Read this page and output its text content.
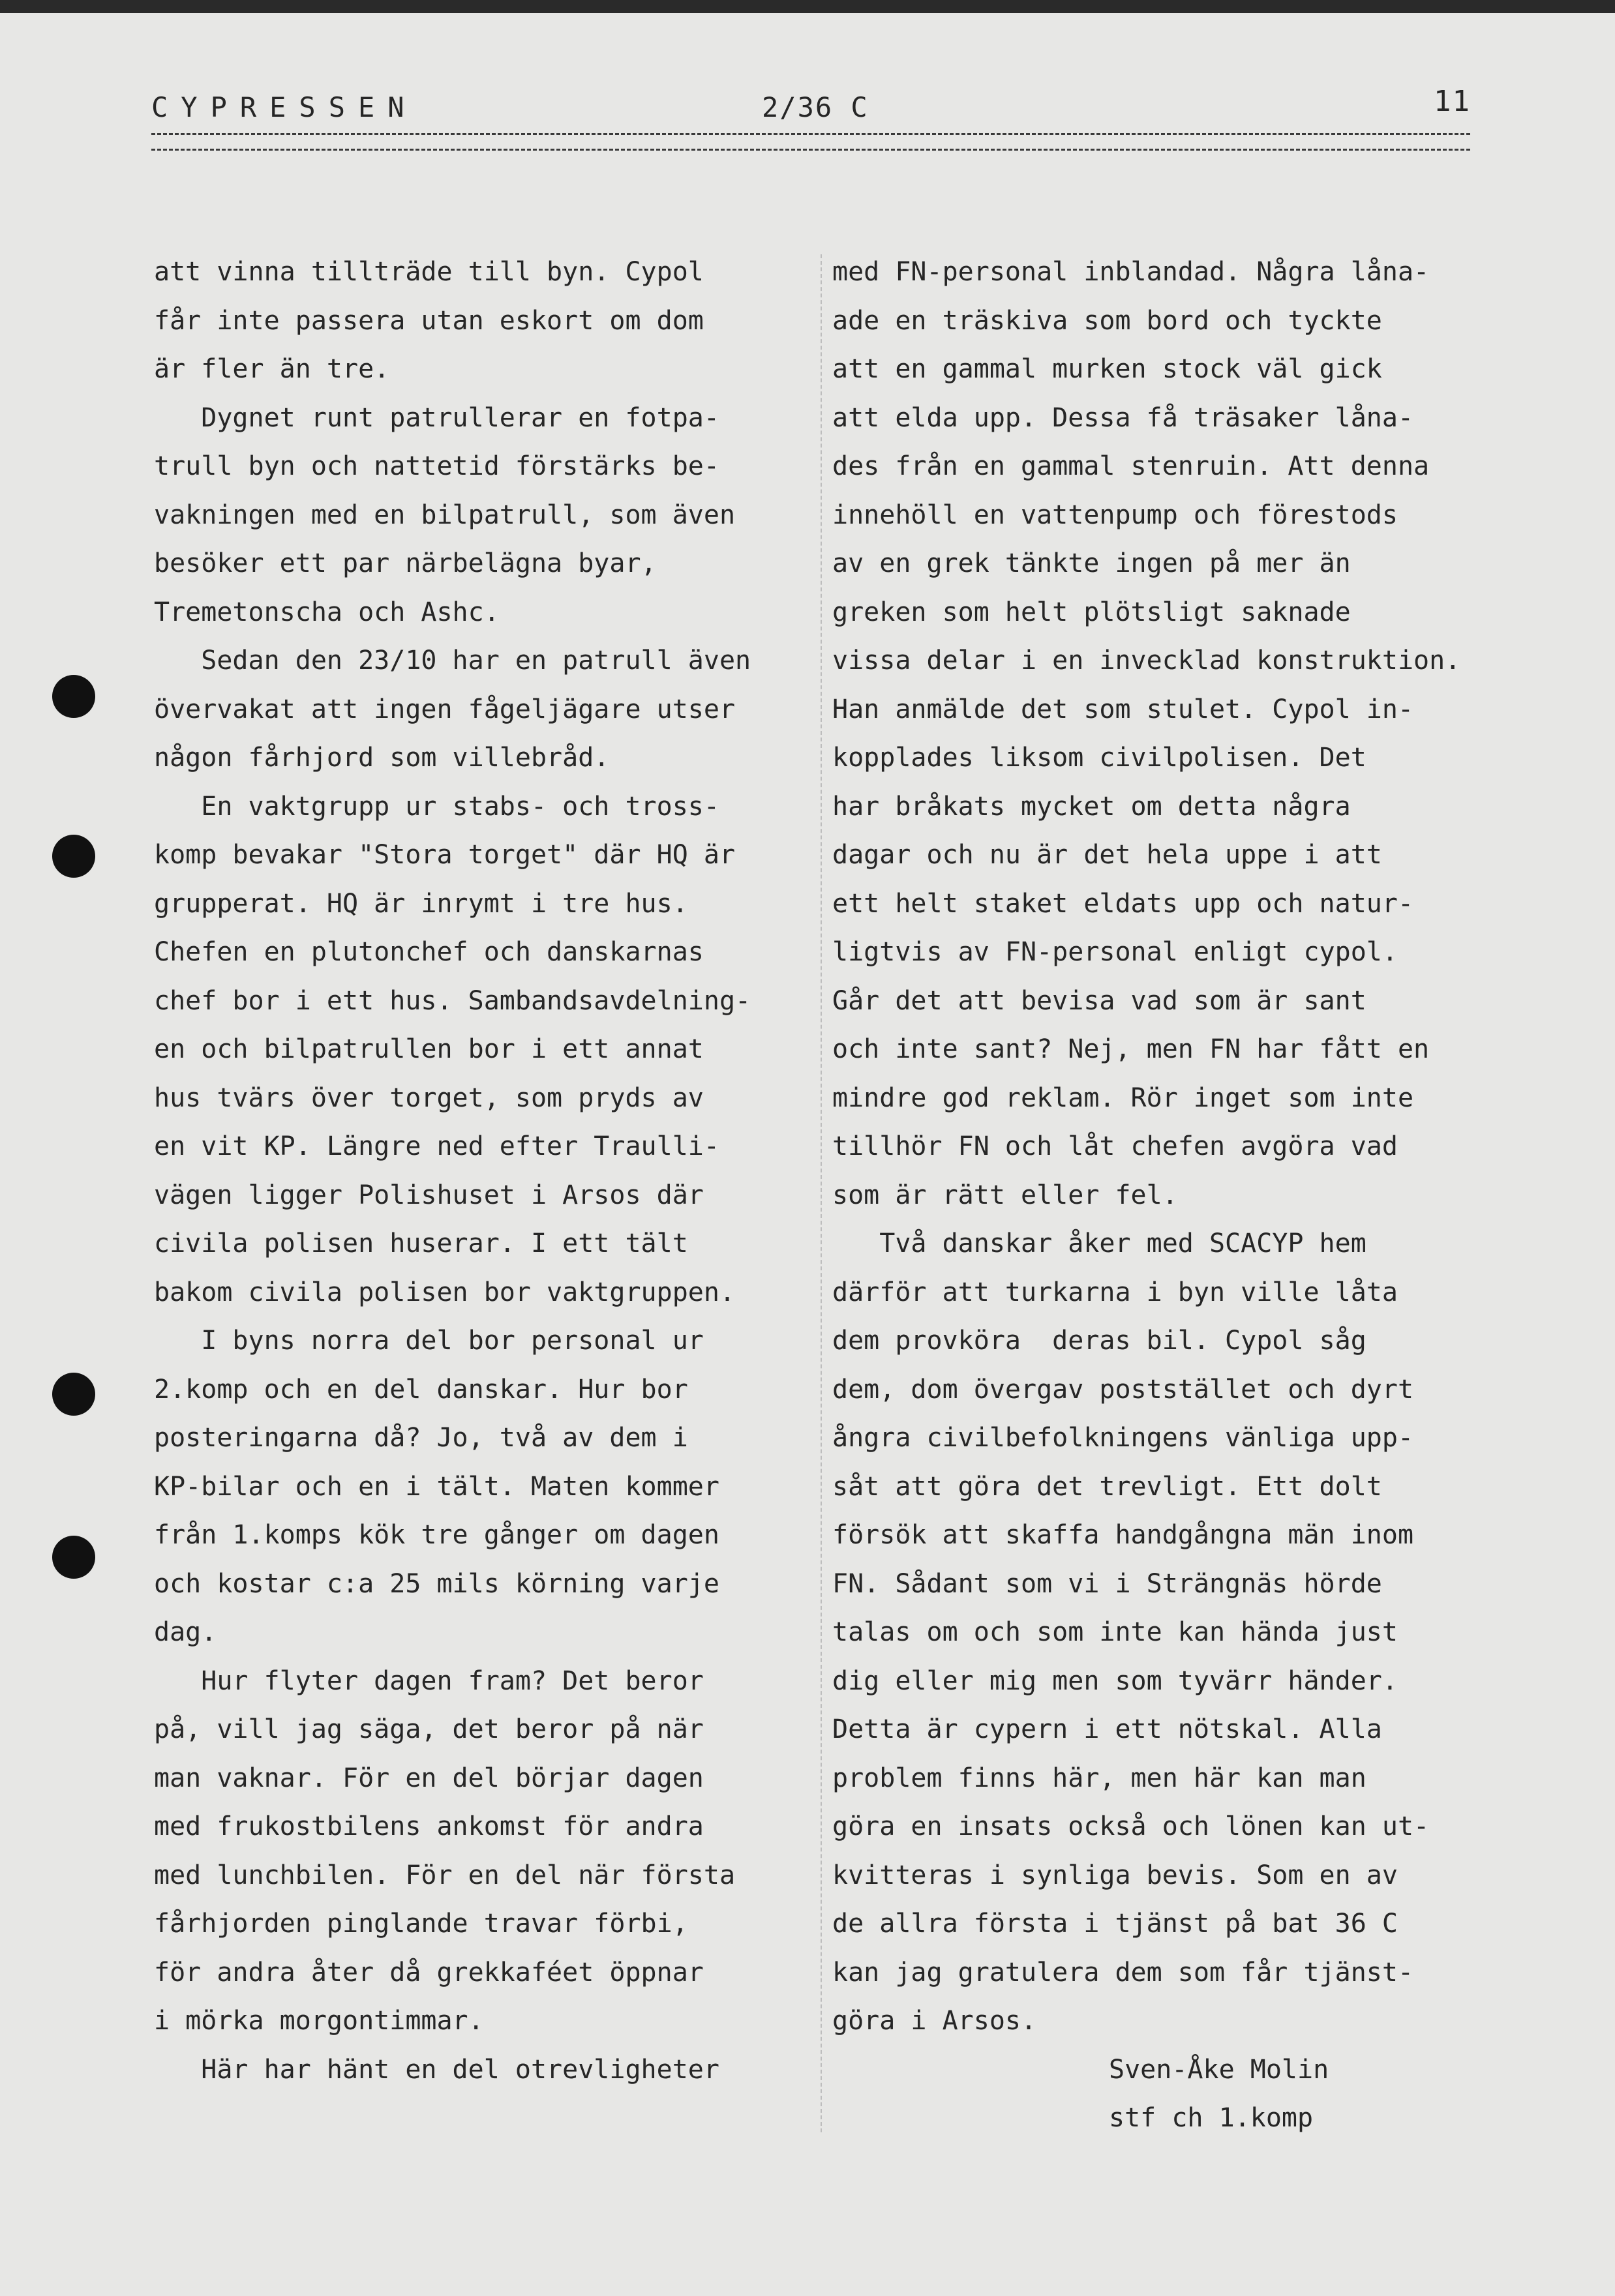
CYPRESSEN	2/36 C	11
att vinna tillträde till byn. Cypol
får inte passera utan eskort om dom
är fler än tre.
Dygnet runt patrullerar en fotpa-
trull byn och nattetid förstärks be-
vakningen med en bilpatrull, som även
besöker ett par närbelägna byar,
Tremetonscha och Ashc.
Sedan den 23/10 har en patrull även
övervakat att ingen fågeljägare utser
någon fårhjord som villebråd.
En vaktgrupp ur stabs- och tross-
komp bevakar "Stora torget" där HQ är
grupperat. HQ är inrymt i tre hus.
Chefen en plutonchef och danskarnas
chef bor i ett hus. Sambandsavdelning-
en och bilpatrullen bor i ett annat
hus tvärs över torget, som pryds av
en vit KP. Längre ned efter Traulli-
vägen ligger Polishuset i Arsos där
civila polisen huserar. I ett tält
bakom civila polisen bor vaktgruppen.
I byns norra del bor personal ur
2.komp och en del danskar. Hur bor
posteringarna då? Jo, två av dem i
KP-bilar och en i tält. Maten kommer
från 1.komps kök tre gånger om dagen
och kostar c:a 25 mils körning varje
dag.
Hur flyter dagen fram? Det beror
på, vill jag säga, det beror på när
man vaknar. För en del börjar dagen
med frukostbilens ankomst för andra
med lunchbilen. För en del när första
fårhjorden pinglande travar förbi,
för andra åter då grekkaféet öppnar
i mörka morgontimmar.
Här har hänt en del otrevligheter
med FN-personal inblandad. Några låna-
ade en träskiva som bord och tyckte
att en gammal murken stock väl gick
att elda upp. Dessa få träsaker låna-
des från en gammal stenruin. Att denna
innehöll en vattenpump och förestods
av en grek tänkte ingen på mer än
greken som helt plötsligt saknade
vissa delar i en invecklad konstruktion.
Han anmälde det som stulet. Cypol in-
kopplades liksom civilpolisen. Det
har bråkats mycket om detta några
dagar och nu är det hela uppe i att
ett helt staket eldats upp och natur-
ligtvis av FN-personal enligt cypol.
Går det att bevisa vad som är sant
och inte sant? Nej, men FN har fått en
mindre god reklam. Rör inget som inte
tillhör FN och låt chefen avgöra vad
som är rätt eller fel.
Två danskar åker med SCACYP hem
därför att turkarna i byn ville låta
dem provköra  deras bil. Cypol såg
dem, dom övergav poststället och dyrt
ångra civilbefolkningens vänliga upp-
såt att göra det trevligt. Ett dolt
försök att skaffa handgångna män inom
FN. Sådant som vi i Strängnäs hörde
talas om och som inte kan hända just
dig eller mig men som tyvärr händer.
Detta är cypern i ett nötskal. Alla
problem finns här, men här kan man
göra en insats också och lönen kan ut-
kvitteras i synliga bevis. Som en av
de allra första i tjänst på bat 36 C
kan jag gratulera dem som får tjänst-
göra i Arsos.
Sven-Åke Molin
stf ch 1.komp
